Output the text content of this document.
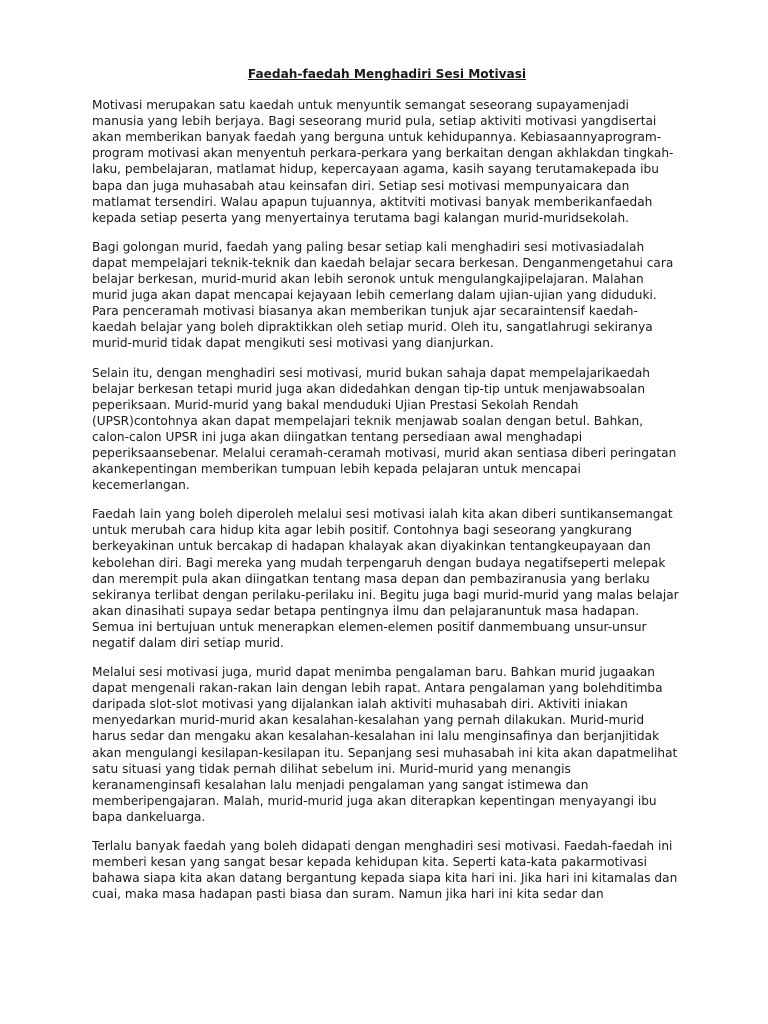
Faedah-faedah Menghadiri Sesi Motivasi
Motivasi merupakan satu kaedah untuk menyuntik semangat seseorang supayamenjadi manusia yang lebih berjaya. Bagi seseorang murid pula, setiap aktiviti motivasi yangdisertai akan memberikan banyak faedah yang berguna untuk kehidupannya. Kebiasaannyaprogram-program motivasi akan menyentuh perkara-perkara yang berkaitan dengan akhlakdan tingkah-laku, pembelajaran, matlamat hidup, kepercayaan agama, kasih sayang terutamakepada ibu bapa dan juga muhasabah atau keinsafan diri. Setiap sesi motivasi mempunyaicara dan matlamat tersendiri. Walau apapun tujuannya, aktitviti motivasi banyak memberikanfaedah kepada setiap peserta yang menyertainya terutama bagi kalangan murid-muridsekolah.
Bagi golongan murid, faedah yang paling besar setiap kali menghadiri sesi motivasiadalah dapat mempelajari teknik-teknik dan kaedah belajar secara berkesan. Denganmengetahui cara belajar berkesan, murid-murid akan lebih seronok untuk mengulangkajipelajaran. Malahan murid juga akan dapat mencapai kejayaan lebih cemerlang dalam ujian-ujian yang diduduki. Para penceramah motivasi biasanya akan memberikan tunjuk ajar secaraintensif kaedah-kaedah belajar yang boleh dipraktikkan oleh setiap murid. Oleh itu, sangatlahrugi sekiranya murid-murid tidak dapat mengikuti sesi motivasi yang dianjurkan.
Selain itu, dengan menghadiri sesi motivasi, murid bukan sahaja dapat mempelajarikaedah belajar berkesan tetapi murid juga akan didedahkan dengan tip-tip untuk menjawabsoalan peperiksaan. Murid-murid yang bakal menduduki Ujian Prestasi Sekolah Rendah (UPSR)contohnya akan dapat mempelajari teknik menjawab soalan dengan betul. Bahkan, calon-calon UPSR ini juga akan diingatkan tentang persediaan awal menghadapi peperiksaansebenar. Melalui ceramah-ceramah motivasi, murid akan sentiasa diberi peringatan akankepentingan memberikan tumpuan lebih kepada pelajaran untuk mencapai kecemerlangan.
Faedah lain yang boleh diperoleh melalui sesi motivasi ialah kita akan diberi suntikansemangat untuk merubah cara hidup kita agar lebih positif. Contohnya bagi seseorang yangkurang berkeyakinan untuk bercakap di hadapan khalayak akan diyakinkan tentangkeupayaan dan kebolehan diri. Bagi mereka yang mudah terpengaruh dengan budaya negatifseperti melepak dan merempit pula akan diingatkan tentang masa depan dan pembaziranusia yang berlaku sekiranya terlibat dengan perilaku-perilaku ini. Begitu juga bagi murid-murid yang malas belajar akan dinasihati supaya sedar betapa pentingnya ilmu dan pelajaranuntuk masa hadapan. Semua ini bertujuan untuk menerapkan elemen-elemen positif danmembuang unsur-unsur negatif dalam diri setiap murid.
Melalui sesi motivasi juga, murid dapat menimba pengalaman baru. Bahkan murid jugaakan dapat mengenali rakan-rakan lain dengan lebih rapat. Antara pengalaman yang bolehditimba daripada slot-slot motivasi yang dijalankan ialah aktiviti muhasabah diri. Aktiviti iniakan menyedarkan murid-murid akan kesalahan-kesalahan yang pernah dilakukan. Murid-murid harus sedar dan mengaku akan kesalahan-kesalahan ini lalu menginsafinya dan berjanjitidak akan mengulangi kesilapan-kesilapan itu. Sepanjang sesi muhasabah ini kita akan dapatmelihat satu situasi yang tidak pernah dilihat sebelum ini. Murid-murid yang menangis keranamenginsafi kesalahan lalu menjadi pengalaman yang sangat istimewa dan memberipengajaran. Malah, murid-murid juga akan diterapkan kepentingan menyayangi ibu bapa dankeluarga.
Terlalu banyak faedah yang boleh didapati dengan menghadiri sesi motivasi. Faedah-faedah ini memberi kesan yang sangat besar kepada kehidupan kita. Seperti kata-kata pakarmotivasi bahawa siapa kita akan datang bergantung kepada siapa kita hari ini. Jika hari ini kitamalas dan cuai, maka masa hadapan pasti biasa dan suram. Namun jika hari ini kita sedar dan
